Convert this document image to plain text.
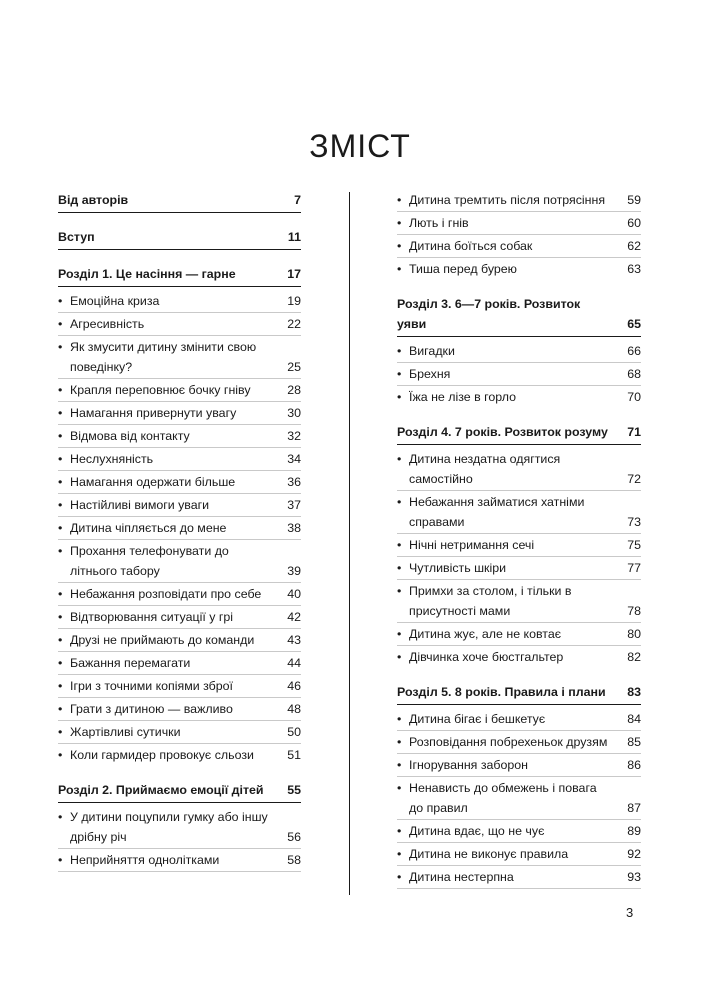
ЗМІСТ
Від авторів	7
Вступ	11
Розділ 1. Це насіння — гарне	17
• Емоційна криза	19
• Агресивність	22
• Як змусити дитину змінити свою поведінку?	25
• Крапля переповнює бочку гніву	28
• Намагання привернути увагу	30
• Відмова від контакту	32
• Неслухняність	34
• Намагання одержати більше	36
• Настійливі вимоги уваги	37
• Дитина чіпляється до мене	38
• Прохання телефонувати до літнього табору	39
• Небажання розповідати про себе	40
• Відтворювання ситуації у грі	42
• Друзі не приймають до команди	43
• Бажання перемагати	44
• Ігри з точними копіями зброї	46
• Грати з дитиною — важливо	48
• Жартівливі сутички	50
• Коли гармидер провокує сльози	51
Розділ 2. Приймаємо емоції дітей	55
• У дитини поцупили гумку або іншу дрібну річ	56
• Неприйняття однолітками	58
• Дитина тремтить після потрясіння	59
• Лють і гнів	60
• Дитина боїться собак	62
• Тиша перед бурею	63
Розділ 3. 6—7 років. Розвиток уяви	65
• Вигадки	66
• Брехня	68
• Їжа не лізе в горло	70
Розділ 4. 7 років. Розвиток розуму	71
• Дитина нездатна одягтися самостійно	72
• Небажання займатися хатніми справами	73
• Нічні нетримання сечі	75
• Чутливість шкіри	77
• Примхи за столом, і тільки в присутності мами	78
• Дитина жує, але не ковтає	80
• Дівчинка хоче бюстгальтер	82
Розділ 5. 8 років. Правила і плани	83
• Дитина бігає і бешкетує	84
• Розповідання побрехеньок друзям	85
• Ігнорування заборон	86
• Ненависть до обмежень і повага до правил	87
• Дитина вдає, що не чує	89
• Дитина не виконує правила	92
• Дитина нестерпна	93
3
